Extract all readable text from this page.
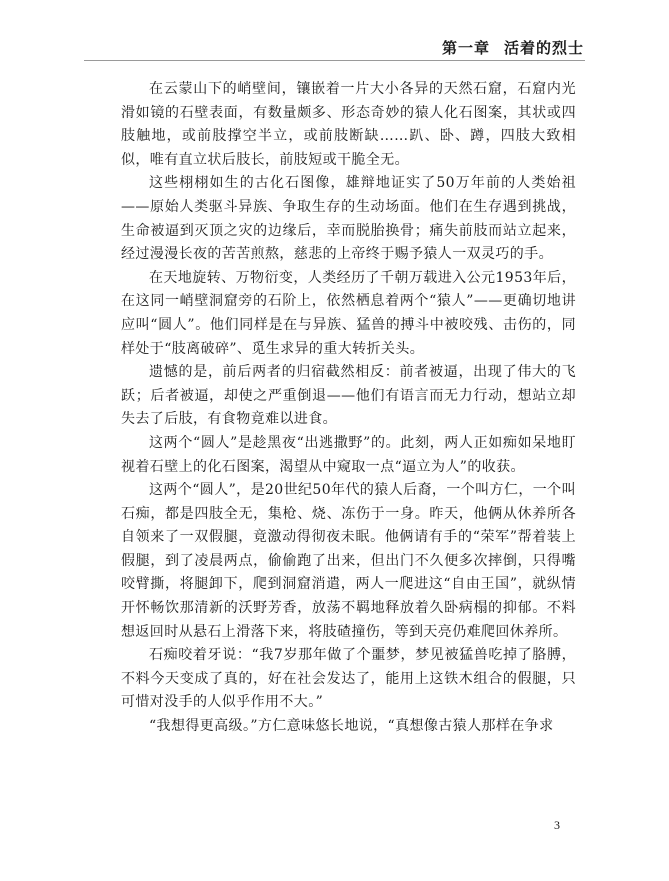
第一章 活着的烈士

在云蒙山下的峭壁间，镶嵌着一片大小各异的天然石窟，石窟内光滑如镜的石壁表面，有数量颇多、形态奇妙的猿人化石图案，其状或四肢触地，或前肢撑空半立，或前肢断缺……趴、卧、蹲，四肢大致相似，唯有直立状后肢长，前肢短或干脆全无。

这些栩栩如生的古化石图像，雄辩地证实了50万年前的人类始祖——原始人类驱斗异族、争取生存的生动场面。他们在生存遇到挑战，生命被逼到灭顶之灾的边缘后，幸而脱胎换骨；痛失前肢而站立起来，经过漫漫长夜的苦苦煎熬，慈悲的上帝终于赐予猿人一双灵巧的手。

在天地旋转、万物衍变，人类经历了千朝万载进入公元1953年后，在这同一峭壁洞窟旁的石阶上，依然栖息着两个“猿人”——更确切地讲应叫“圆人”。他们同样是在与异族、猛兽的搏斗中被咬残、击伤的，同样处于“肢离破碎”、觅生求异的重大转折关头。

遗憾的是，前后两者的归宿截然相反：前者被逼，出现了伟大的飞跃；后者被逼，却使之严重倒退——他们有语言而无力行动，想站立却失去了后肢，有食物竟难以进食。

这两个“圆人”是趁黑夜“出逃撒野”的。此刻，两人正如痴如呆地盯视着石壁上的化石图案，渴望从中窥取一点“逼立为人”的收获。

这两个“圆人”，是20世纪50年代的猿人后裔，一个叫方仁，一个叫石痴，都是四肢全无，集枪、烧、冻伤于一身。昨天，他俩从休养所各自领来了一双假腿，竟激动得彻夜未眠。他俩请有手的“荣军”帮着装上假腿，到了凌晨两点，偷偷跑了出来，但出门不久便多次摔倒，只得嘴咬臂撕，将腿卸下，爬到洞窟消遣，两人一爬进这“自由王国”，就纵情开怀畅饮那清新的沃野芳香，放荡不羁地释放着久卧病榻的抑郁。不料想返回时从悬石上滑落下来，将肢碴撞伤，等到天亮仍难爬回休养所。

石痴咬着牙说：“我7岁那年做了个噩梦，梦见被猛兽吃掉了胳膊，不料今天变成了真的，好在社会发达了，能用上这铁木组合的假腿，只可惜对没手的人似乎作用不大。”

“我想得更高级。”方仁意味悠长地说，“真想像古猿人那样在争求

3
